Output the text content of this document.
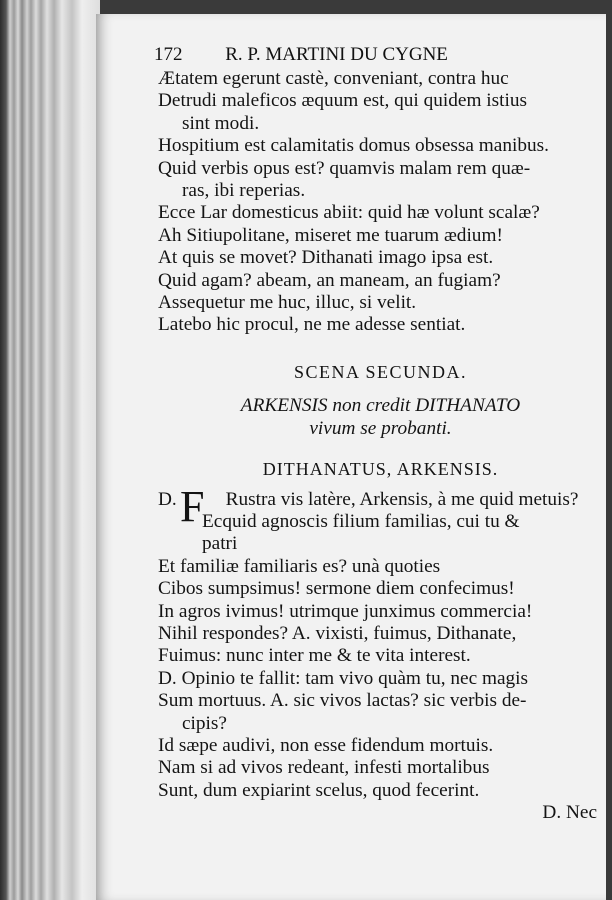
172 R. P. MARTINI DU CYGNE
Ætatem egerunt castè, conveniant, contra huc
Detrudi maleficos æquum est, qui quidem istius
sint modi.
Hospitium est calamitatis domus obsessa manibus.
Quid verbis opus est? quamvis malam rem quæ-
ras, ibi reperias.
Ecce Lar domesticus abiit: quid hæ volunt scalæ?
Ah Sitiupolitane, miseret me tuarum ædium!
At quis se movet? Dithanati imago ipsa est.
Quid agam? abeam, an maneam, an fugiam?
Assequetur me huc, illuc, si velit.
Latebo hic procul, ne me adesse sentiat.
SCENA SECUNDA.
ARKENSIS non credit DITHANATO
vivum se probanti.
DITHANATUS, ARKENSIS.
D. F Rustra vis latère, Arkensis, à me quid metuis?
Ecquid agnoscis filium familias, cui tu &
patri
Et familiæ familiaris es? unà quoties
Cibos sumpsimus! sermone diem confecimus!
In agros ivimus! utrimque junximus commercia!
Nihil respondes? A. vixisti, fuimus, Dithanate,
Fuimus: nunc inter me & te vita interest.
D. Opinio te fallit: tam vivo quàm tu, nec magis
Sum mortuus. A. sic vivos lactas? sic verbis de-
cipis?
Id sæpe audivi, non esse fidendum mortuis.
Nam si ad vivos redeant, infesti mortalibus
Sunt, dum expiarint scelus, quod fecerint.
D. Nec
